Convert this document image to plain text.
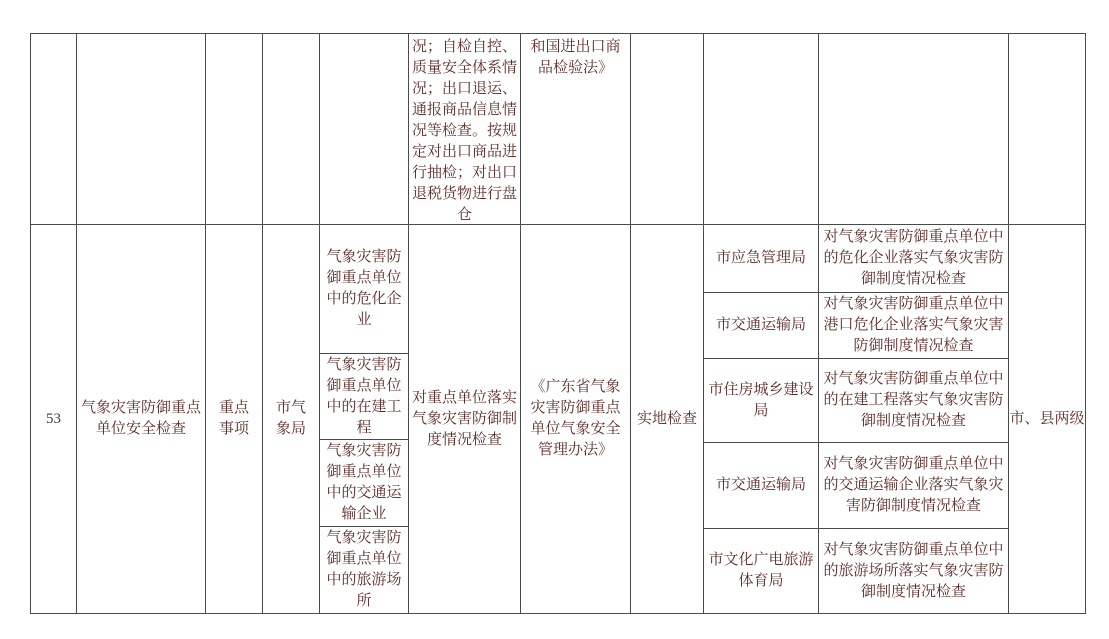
况；自检自控、质量安全体系情况；出口退运、通报商品信息情况等检查。按规定对出口商品进行抽检；对出口退税货物进行盘仓
和国进出口商品检验法》
53
气象灾害防御重点单位安全检查
重点事项
市气象局
气象灾害防御重点单位中的危化企业
气象灾害防御重点单位中的在建工程
气象灾害防御重点单位中的交通运输企业
气象灾害防御重点单位中的旅游场所
对重点单位落实气象灾害防御制度情况检查
《广东省气象灾害防御重点单位气象安全管理办法》
实地检查
市应急管理局
市交通运输局
市住房城乡建设局
市交通运输局
市文化广电旅游体育局
对气象灾害防御重点单位中的危化企业落实气象灾害防御制度情况检查
对气象灾害防御重点单位中港口危化企业落实气象灾害防御制度情况检查
对气象灾害防御重点单位中的在建工程落实气象灾害防御制度情况检查
对气象灾害防御重点单位中的交通运输企业落实气象灾害防御制度情况检查
对气象灾害防御重点单位中的旅游场所落实气象灾害防御制度情况检查
市、县两级
